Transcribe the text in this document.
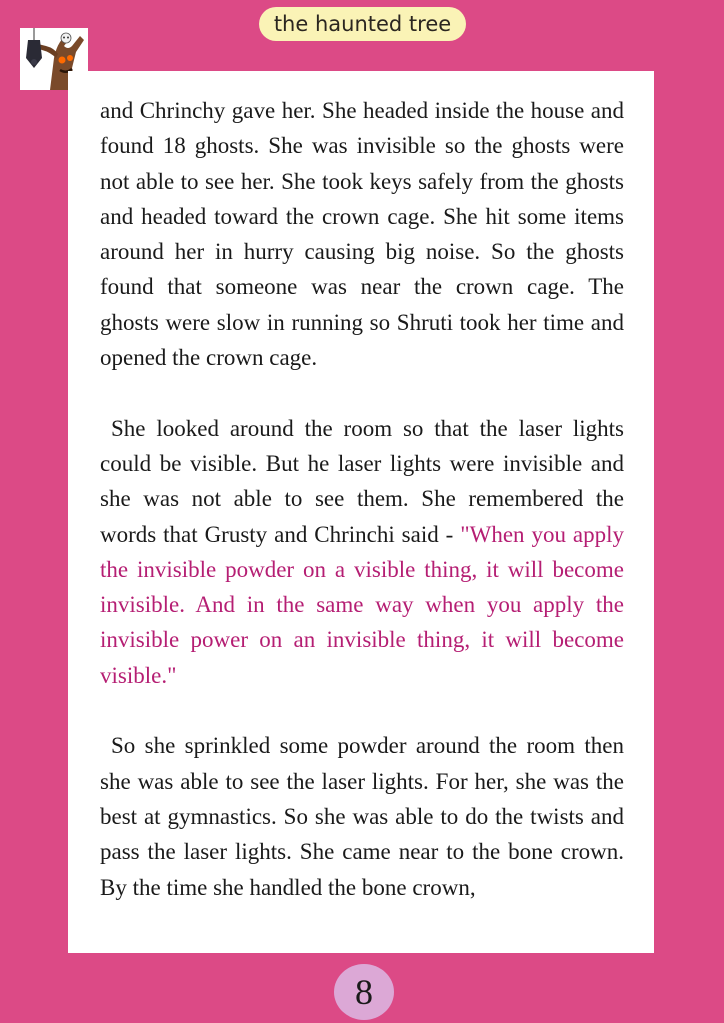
the haunted tree

and Chrinchy gave her. She headed inside the house and found 18 ghosts. She was invisible so the ghosts were not able to see her. She took keys safely from the ghosts and headed toward the crown cage. She hit some items around her in hurry causing big noise. So the ghosts found that someone was near the crown cage. The ghosts were slow in running so Shruti took her time and opened the crown cage.

She looked around the room so that the laser lights could be visible. But he laser lights were invisible and she was not able to see them. She remembered the words that Grusty and Chrinchi said - "When you apply the invisible powder on a visible thing, it will become invisible. And in the same way when you apply the invisible power on an invisible thing, it will become visible."

So she sprinkled some powder around the room then she was able to see the laser lights. For her, she was the best at gymnastics. So she was able to do the twists and pass the laser lights. She came near to the bone crown. By the time she handled the bone crown,

8
